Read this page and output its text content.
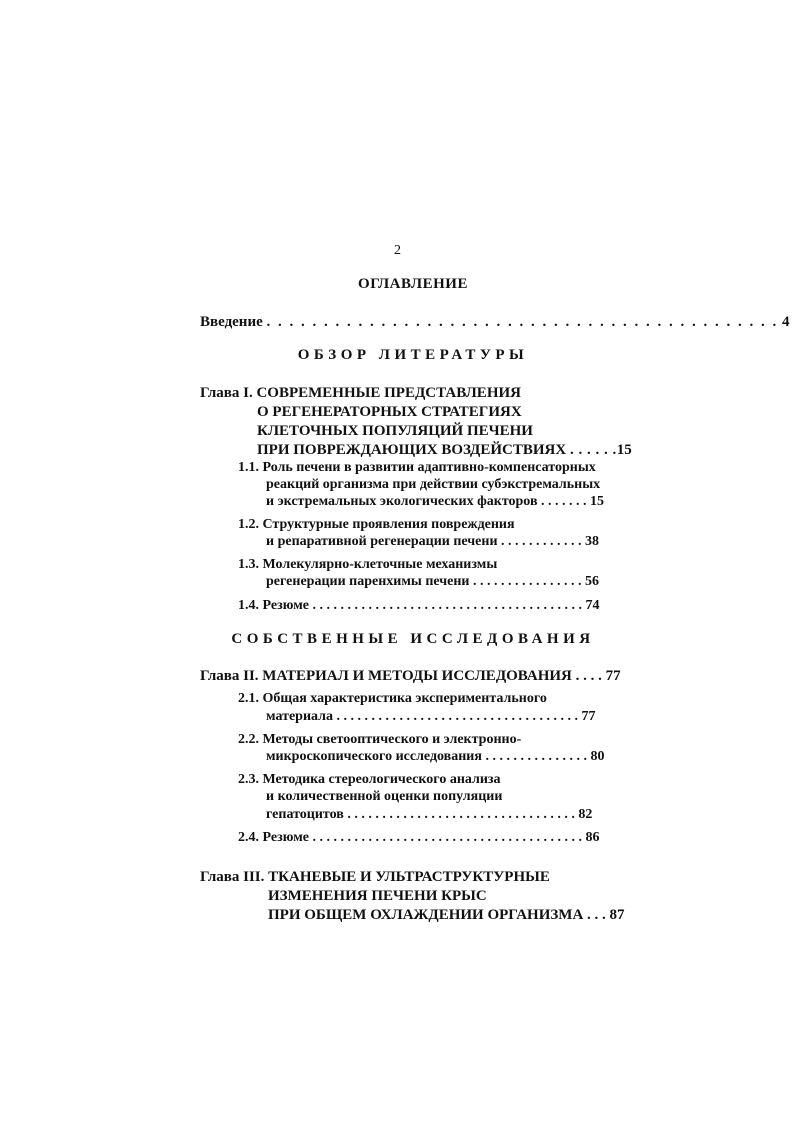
2
ОГЛАВЛЕНИЕ
Введение . . . . . . . . . . . . . . . . . . . . . . . . . . . . . . . . . . . . . . . . . . . . . 4
ОБЗОР ЛИТЕРАТУРЫ
Глава I. СОВРЕМЕННЫЕ ПРЕДСТАВЛЕНИЯ
О РЕГЕНЕРАТОРНЫХ СТРАТЕГИЯХ
КЛЕТОЧНЫХ ПОПУЛЯЦИЙ ПЕЧЕНИ
ПРИ ПОВРЕЖДАЮЩИХ ВОЗДЕЙСТВИЯХ . . . . . .15
1.1. Роль печени в развитии адаптивно-компенсаторных
реакций организма при действии субэкстремальных
и экстремальных экологических факторов . . . . . . . 15
1.2. Структурные проявления повреждения
и репаративной регенерации печени . . . . . . . . . . . . 38
1.3. Молекулярно-клеточные механизмы
регенерации паренхимы печени . . . . . . . . . . . . . . . . 56
1.4. Резюме . . . . . . . . . . . . . . . . . . . . . . . . . . . . . . . . . . . . . . . 74
СОБСТВЕННЫЕ ИССЛЕДОВАНИЯ
Глава II. МАТЕРИАЛ И МЕТОДЫ ИССЛЕДОВАНИЯ . . . . 77
2.1. Общая характеристика экспериментального
материала . . . . . . . . . . . . . . . . . . . . . . . . . . . . . . . . . . . 77
2.2. Методы светооптического и электронно-
микроскопического исследования . . . . . . . . . . . . . . . 80
2.3. Методика стереологического анализа
и количественной оценки популяции
гепатоцитов . . . . . . . . . . . . . . . . . . . . . . . . . . . . . . . . . 82
2.4. Резюме . . . . . . . . . . . . . . . . . . . . . . . . . . . . . . . . . . . . . . . 86
Глава III. ТКАНЕВЫЕ И УЛЬТРАСТРУКТУРНЫЕ
ИЗМЕНЕНИЯ ПЕЧЕНИ КРЫС
ПРИ ОБЩЕМ ОХЛАЖДЕНИИ ОРГАНИЗМА . . . 87
